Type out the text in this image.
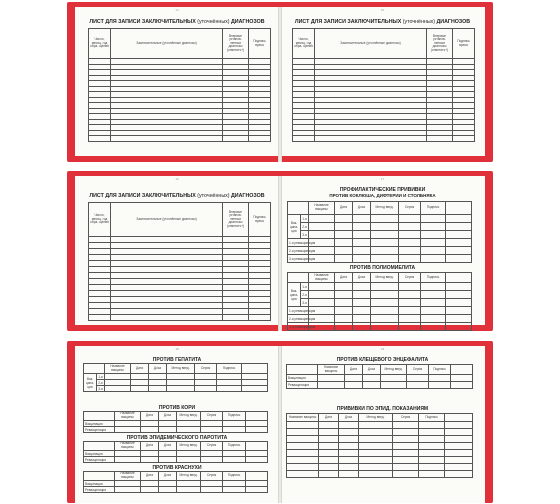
14
ЛИСТ ДЛЯ ЗАПИСИ ЗАКЛЮЧИТЕЛЬНЫХ (уточнённых) ДИАГНОЗОВ
Число, месяц, год обра- щения	Заключительные (уточнённые диагнозы)	Впервые установ- ленные диагнозы (отметить+)	Подпись врача

15
ЛИСТ ДЛЯ ЗАПИСИ ЗАКЛЮЧИТЕЛЬНЫХ (уточнённых) ДИАГНОЗОВ
Число, месяц, год обра- щения	Заключительные (уточнённые диагнозы)	Впервые установ- ленные диагнозы (отметить+)	Подпись врача

16
ЛИСТ ДЛЯ ЗАПИСИ ЗАКЛЮЧИТЕЛЬНЫХ (уточнённых) ДИАГНОЗОВ
Число, месяц, год обра- щения	Заключительные (уточнённые диагнозы)	Впервые установ- ленные диагнозы (отметить+)	Подпись врача

17
ПРОФИЛАКТИЧЕСКИЕ ПРИВИВКИ
ПРОТИВ КОКЛЮША, ДИФТЕРИИ И СТОЛБНЯКА
		Название вакцины	Дата	Доза	Метод введ.	Серия	Подпись	
Вак- цина- ция	1-я							
	2-я							
	3-я							
1-я ревакцинация								
2-я ревакцинация								
3-я ревакцинация								
ПРОТИВ ПОЛИОМИЕЛИТА
		Название вакцины	Дата	Доза	Метод введ.	Серия	Подпись	
Вак- цина- ция	1-я							
	2-я							
	3-я							
1-я ревакцинация								
2-я ревакцинация								
3-я ревакцинация								
18
ПРОТИВ ГЕПАТИТА
		Название вакцины	Дата	Доза	Метод введ.	Серия	Подпись	
Вак- цина- ция	1-я							
	2-я							
	3-я							
ПРОТИВ КОРИ
	Название вакцины	Дата	Доза	Метод введ.	Серия	Подпись	
Вакцинация							
Ревакцинация							
ПРОТИВ ЭПИДЕМИЧЕСКОГО ПАРОТИТА
	Название вакцины	Дата	Доза	Метод введ.	Серия	Подпись	
Вакцинация							
Ревакцинация							
ПРОТИВ КРАСНУХИ
	Название вакцины	Дата	Доза	Метод введ.	Серия	Подпись	
Вакцинация							
Ревакцинация							
19
ПРОТИВ КЛЕЩЕВОГО ЭНЦЕФАЛИТА
	Название вакцины	Дата	Доза	Метод введ.	Серия	Подпись	
Вакцинация							
Ревакцинация							
ПРИВИВКИ ПО ЭПИД. ПОКАЗАНИЯМ
Название вакцины	Дата	Доза	Метод введ.	Серия	Подпись	
